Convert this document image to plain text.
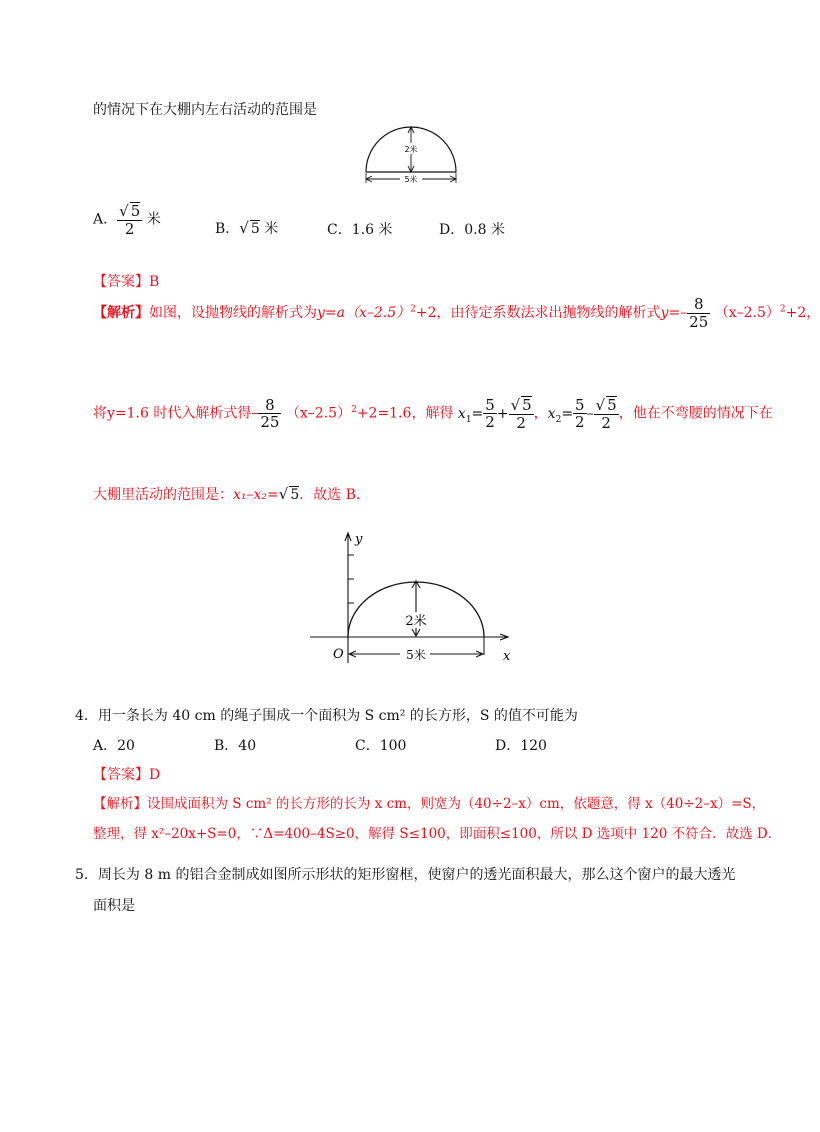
的情况下在大棚内左右活动的范围是
2米
5米
A． $\frac{√ 5}{2}$ 米
B．√ 5 米	C．1.6 米	D．0.8 米
【答案】B
【解析】如图，设抛物线的解析式为$y=a(x-2.5)^2+2$，由待定系数法求出抛物线的解析式$y=- \frac{8}{25} (x-2.5)^2+2$，
将y=1.6 时代入解析式得– $\frac{8}{25} (x-2.5)^2+2=1.6$，解得 $x_1= \frac{5}{2} + \frac{√ 5}{2}$ ，$x_2= \frac{5}{2} - \frac{√ 5}{2}$ ，他在不弯腰的情况下在
大棚里活动的范围是：x₁–x₂=√ 5．故选 B．
2米
5米
y
x
O
4．用一条长为 40 cm 的绳子围成一个面积为 S cm² 的长方形，S 的值不可能为
A．20	B．40	C．100	D．120
【答案】D
【解析】设围成面积为 S cm² 的长方形的长为 x cm，则宽为（40÷2–x）cm，依题意，得 x（40÷2–x）=S，
整理，得 x²–20x+S=0，∵Δ=400–4S≥0，解得 S≤100，即面积≤100，所以 D 选项中 120 不符合．故选 D．
5．周长为 8 m 的铝合金制成如图所示形状的矩形窗框，使窗户的透光面积最大，那么这个窗户的最大透光
面积是
